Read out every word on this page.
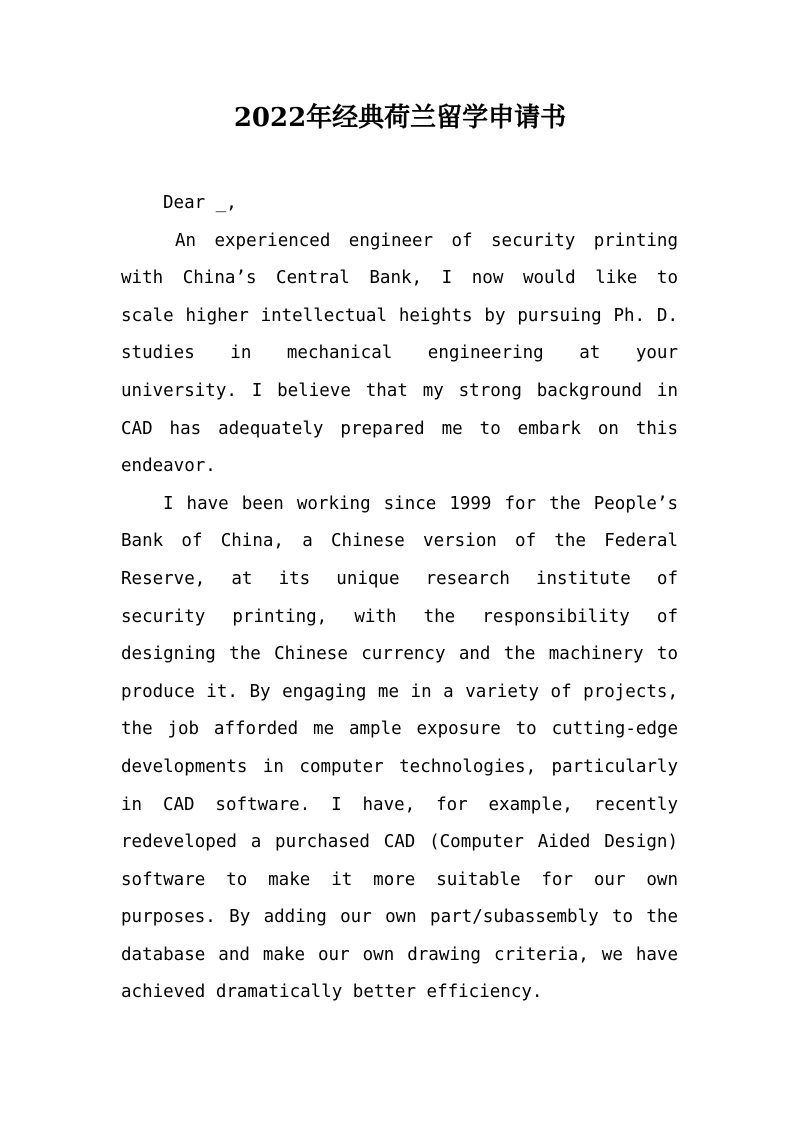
2022年经典荷兰留学申请书
Dear _,
An experienced engineer of security printing
with China’s Central Bank, I now would like to
scale higher intellectual heights by pursuing Ph. D.
studies in mechanical engineering at your
university. I believe that my strong background in
CAD has adequately prepared me to embark on this
endeavor.
I have been working since 1999 for the People’s
Bank of China, a Chinese version of the Federal
Reserve, at its unique research institute of
security printing, with the responsibility of
designing the Chinese currency and the machinery to
produce it. By engaging me in a variety of projects,
the job afforded me ample exposure to cutting-edge
developments in computer technologies, particularly
in CAD software. I have, for example, recently
redeveloped a purchased CAD (Computer Aided Design)
software to make it more suitable for our own
purposes. By adding our own part/subassembly to the
database and make our own drawing criteria, we have
achieved dramatically better efficiency.
